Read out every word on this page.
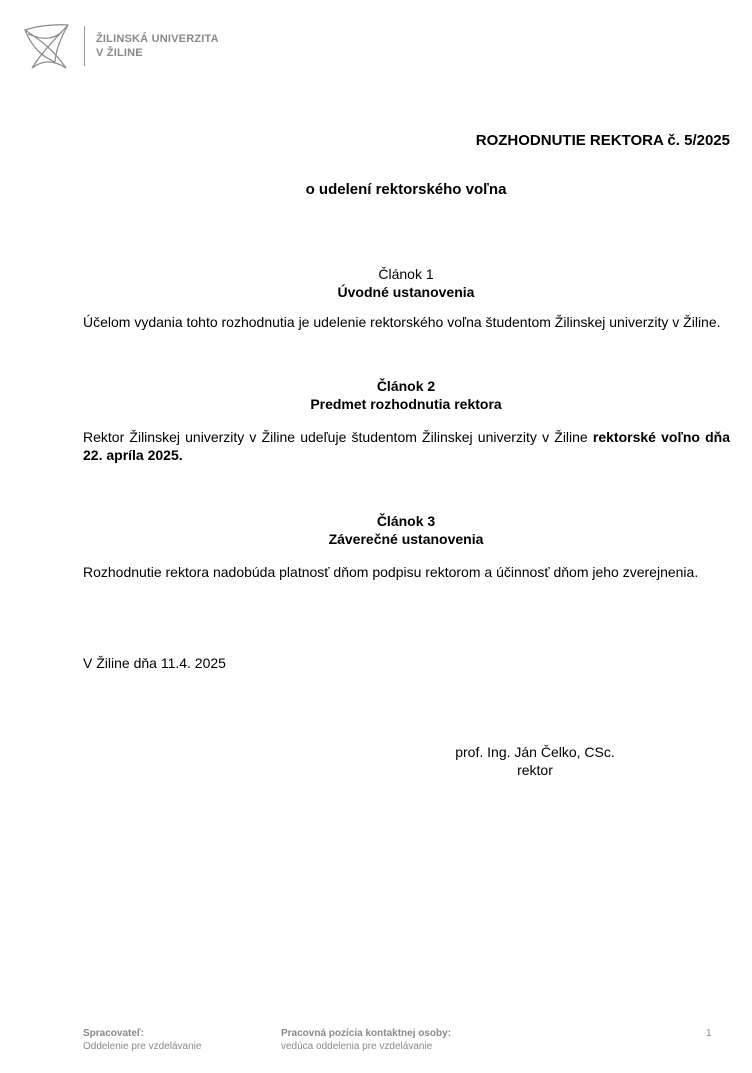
ŽILINSKÁ UNIVERZITA
V ŽILINE
ROZHODNUTIE REKTORA č. 5/2025
o udelení rektorského voľna
Článok 1
Úvodné ustanovenia
Účelom vydania tohto rozhodnutia je udelenie rektorského voľna študentom Žilinskej univerzity v Žiline.
Článok 2
Predmet rozhodnutia rektora
Rektor Žilinskej univerzity v Žiline udeľuje študentom Žilinskej univerzity v Žiline rektorské voľno dňa 22. apríla 2025.
Článok 3
Záverečné ustanovenia
Rozhodnutie rektora nadobúda platnosť dňom podpisu rektorom a účinnosť dňom jeho zverejnenia.
V Žiline dňa 11.4. 2025
prof. Ing. Ján Čelko, CSc.
rektor
Spracovateľ:
Oddelenie pre vzdelávanie
Pracovná pozícia kontaktnej osoby:
vedúca oddelenia pre vzdelávanie
1
